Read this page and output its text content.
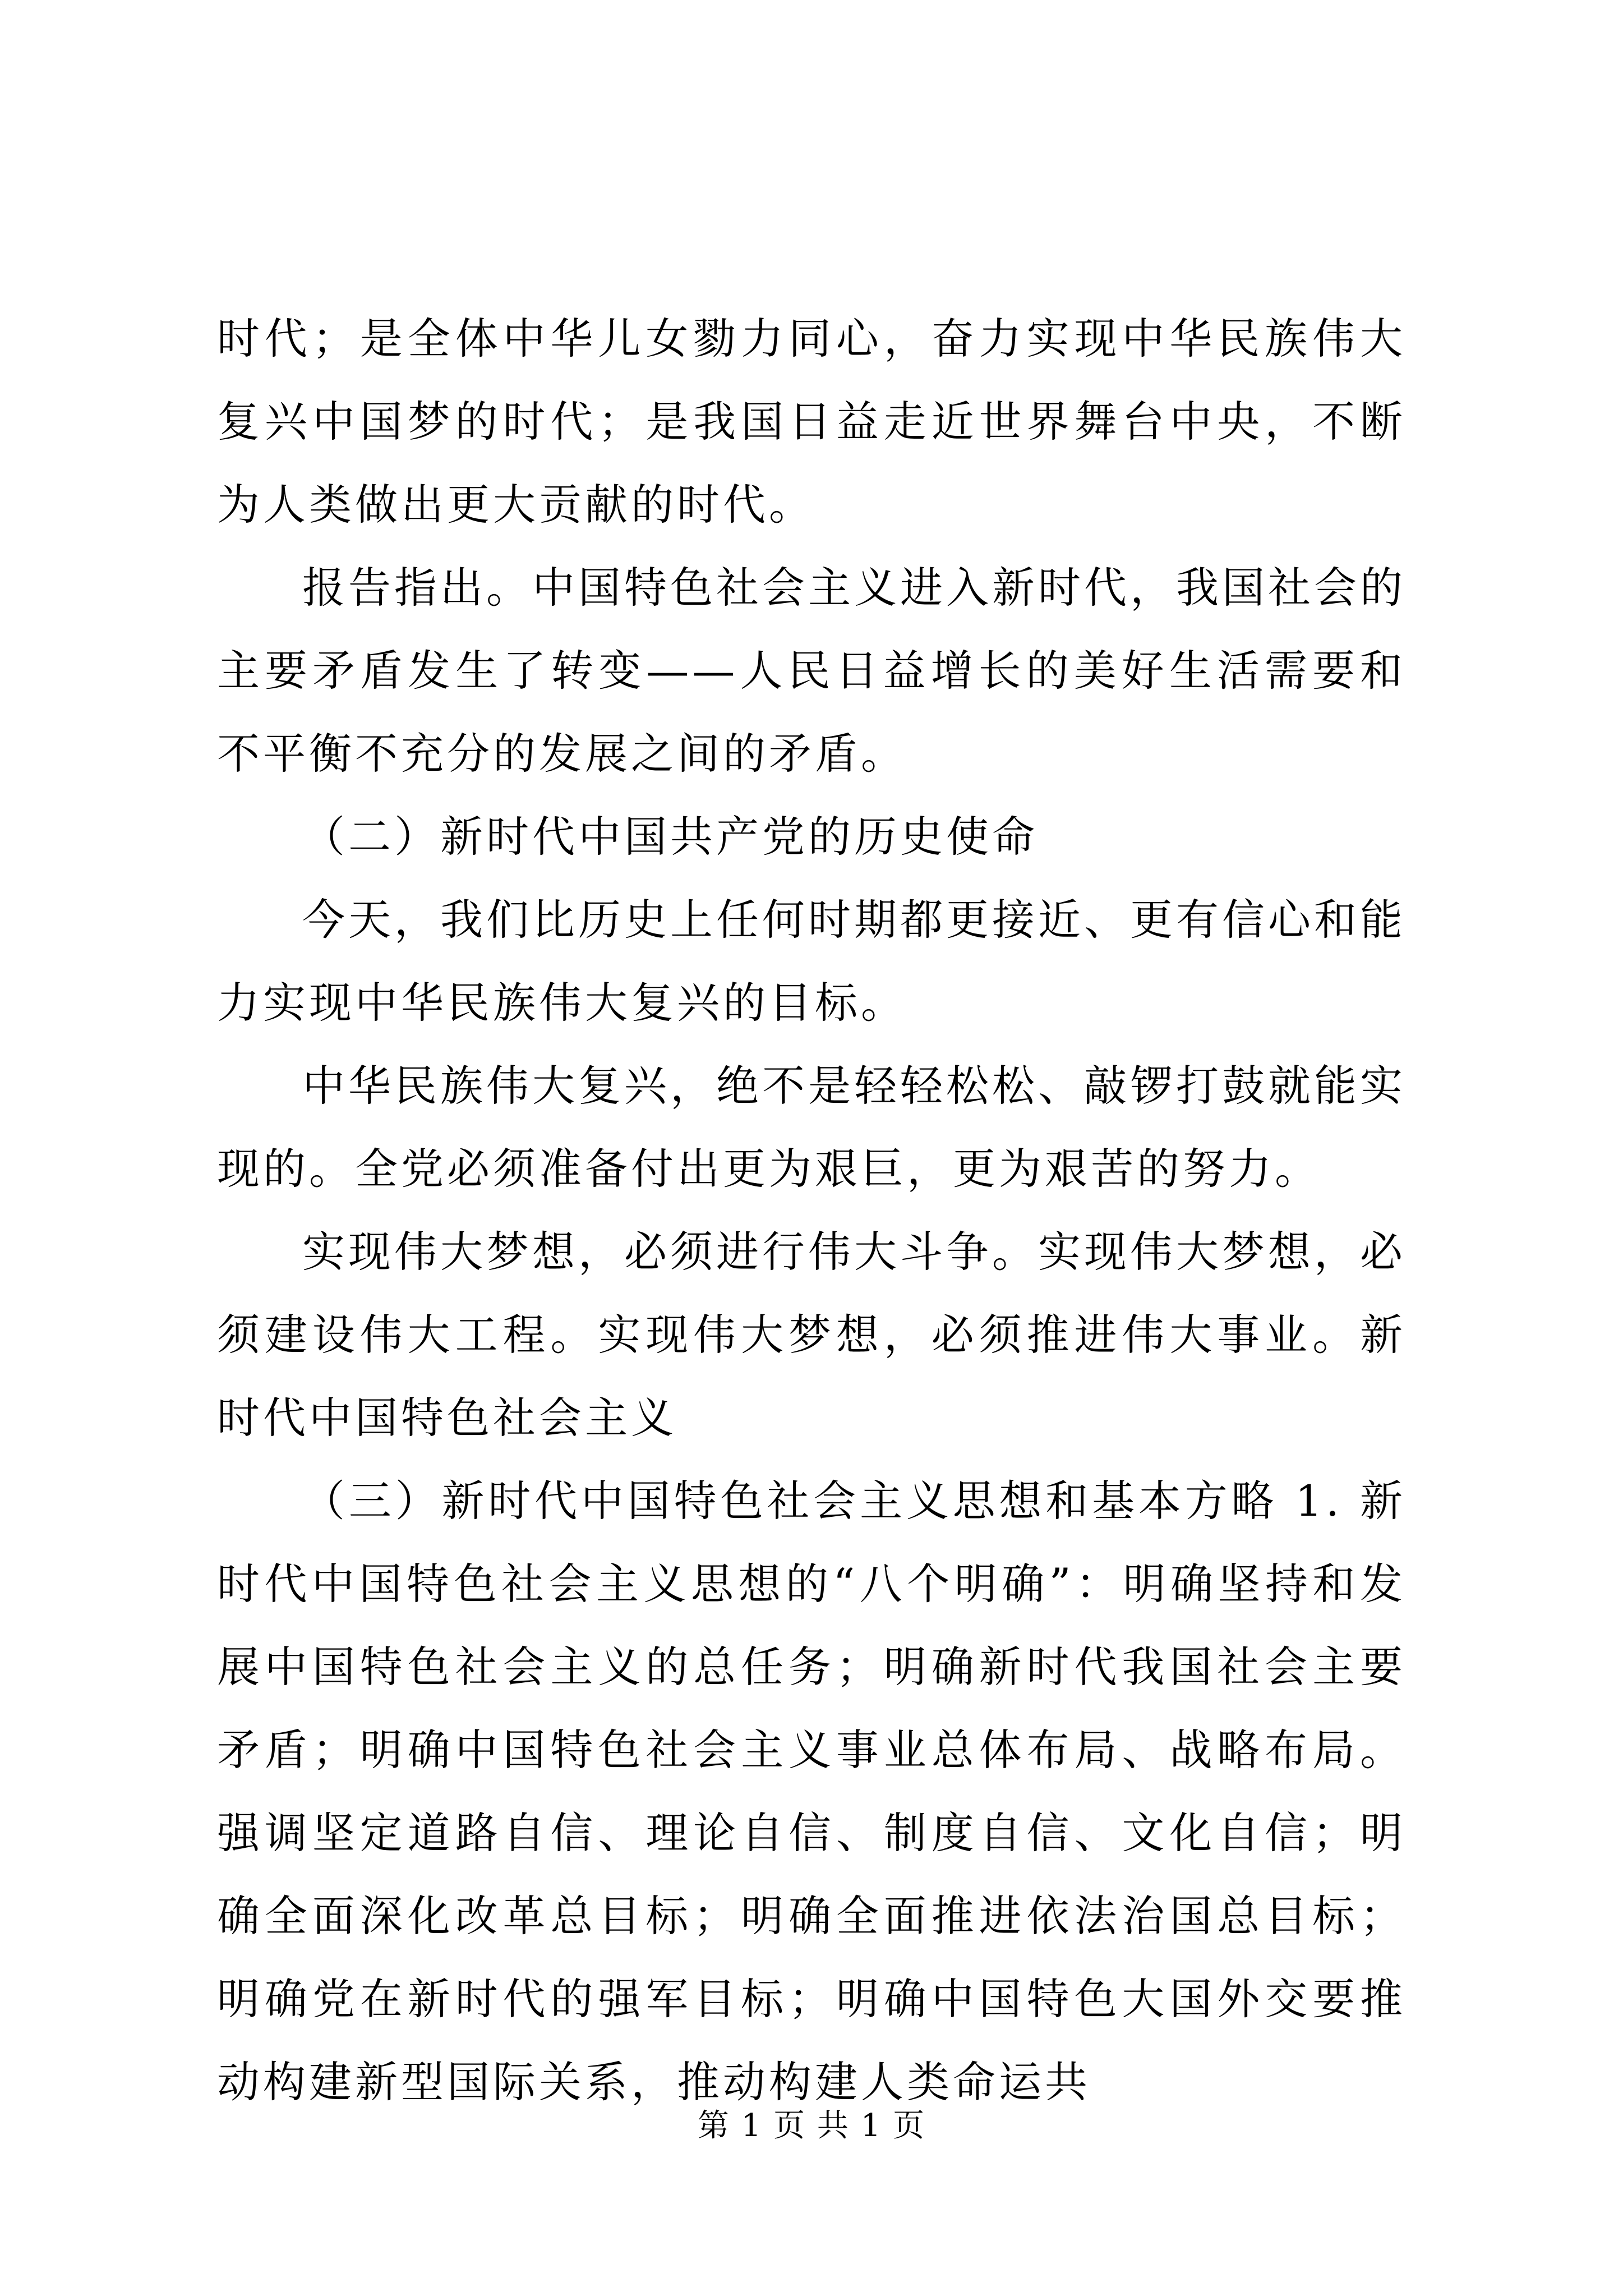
时代；是全体中华儿女勠力同心，奋力实现中华民族伟大复兴中国梦的时代；是我国日益走近世界舞台中央，不断为人类做出更大贡献的时代。

报告指出。中国特色社会主义进入新时代，我国社会的主要矛盾发生了转变——人民日益增长的美好生活需要和不平衡不充分的发展之间的矛盾。

（二）新时代中国共产党的历史使命

今天，我们比历史上任何时期都更接近、更有信心和能力实现中华民族伟大复兴的目标。

中华民族伟大复兴，绝不是轻轻松松、敲锣打鼓就能实现的。全党必须准备付出更为艰巨，更为艰苦的努力。

实现伟大梦想，必须进行伟大斗争。实现伟大梦想，必须建设伟大工程。实现伟大梦想，必须推进伟大事业。新时代中国特色社会主义

（三）新时代中国特色社会主义思想和基本方略 1. 新时代中国特色社会主义思想的“八个明确”：明确坚持和发展中国特色社会主义的总任务；明确新时代我国社会主要矛盾；明确中国特色社会主义事业总体布局、战略布局。强调坚定道路自信、理论自信、制度自信、文化自信；明确全面深化改革总目标；明确全面推进依法治国总目标；明确党在新时代的强军目标；明确中国特色大国外交要推动构建新型国际关系，推动构建人类命运共

第 1 页 共 1 页
